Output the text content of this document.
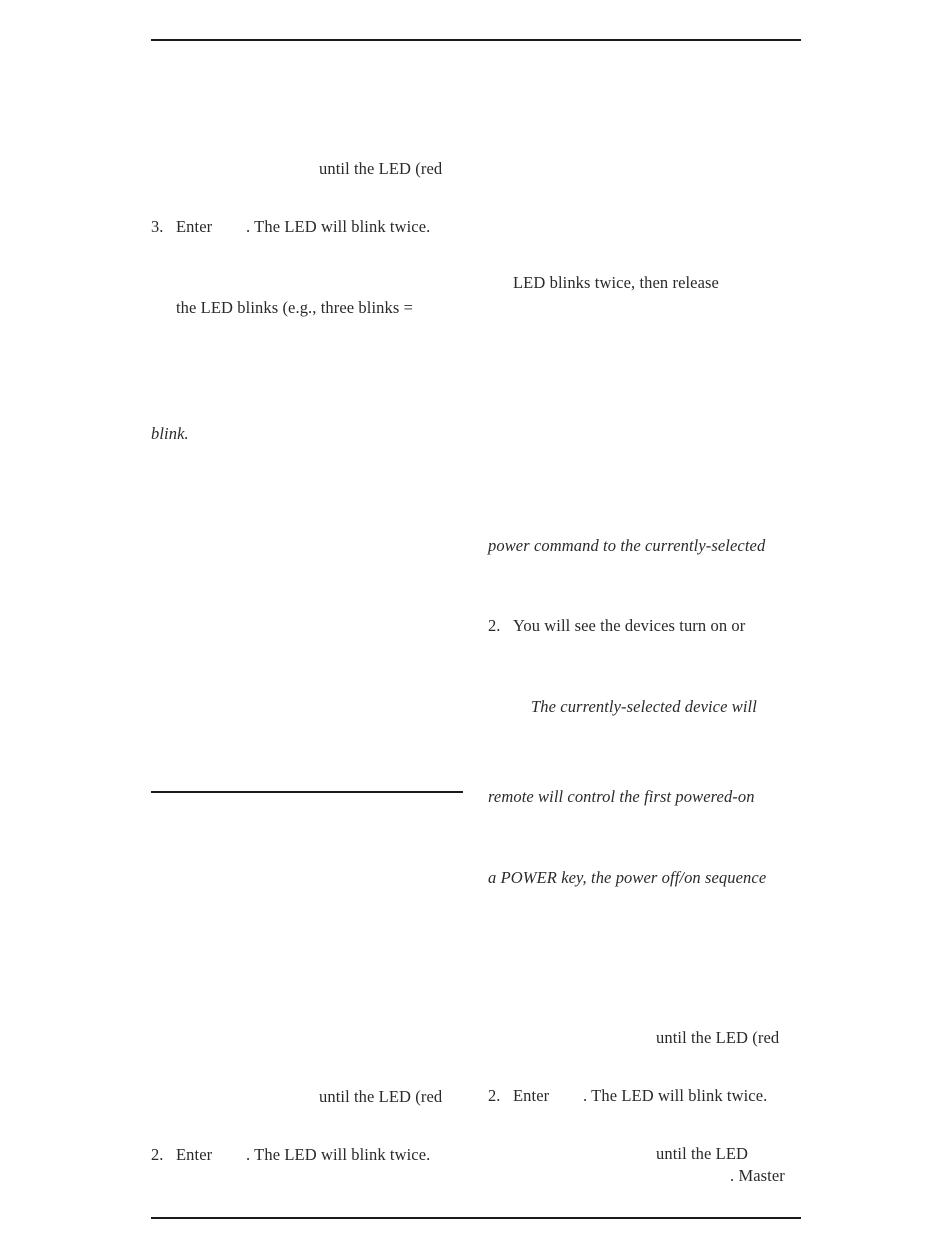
until the LED (red
3. Enter        . The LED will blink twice.
the LED blinks (e.g., three blinks =
blink.
until the LED (red
2. Enter        . The LED will blink twice.
LED blinks twice, then release
power command to the currently-selected
2. You will see the devices turn on or
The currently-selected device will
remote will control the first powered-on
a POWER key, the power off/on sequence
until the LED (red
2. Enter        . The LED will blink twice.
until the LED
. Master
